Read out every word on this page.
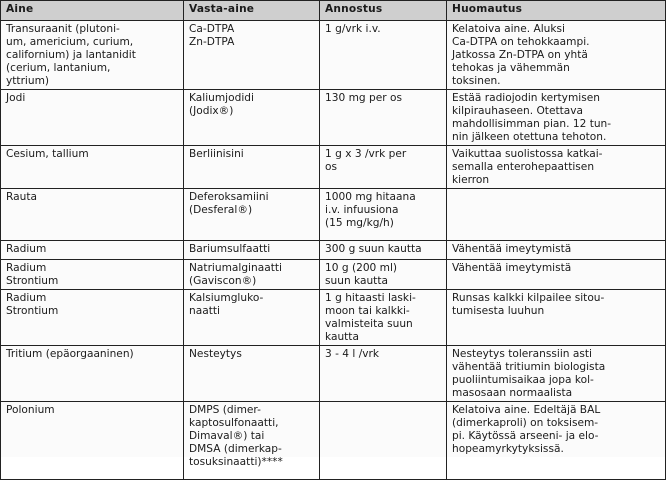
Aine	Vasta-aine	Annostus	Huomautus
Transuraanit (plutoni-
um, americium, curium,
californium) ja lantanidit
(cerium, lantanium,
yttrium)	Ca-DTPA
Zn-DTPA	1 g/vrk i.v.	Kelatoiva aine. Aluksi
Ca-DTPA on tehokkaampi.
Jatkossa Zn-DTPA on yhtä
tehokas ja vähemmän
toksinen.
Jodi	Kaliumjodidi
(Jodix®)	130 mg per os	Estää radiojodin kertymisen
kilpirauhaseen. Otettava
mahdollisimman pian. 12 tun-
nin jälkeen otettuna tehoton.
Cesium, tallium	Berliinisini	1 g x 3 /vrk per
os	Vaikuttaa suolistossa katkai-
semalla enterohepaattisen
kierron
Rauta	Deferoksamiini
(Desferal®)	1000 mg hitaana
i.v. infuusiona
(15 mg/kg/h)	
Radium	Bariumsulfaatti	300 g suun kautta	Vähentää imeytymistä
Radium
Strontium	Natriumalginaatti
(Gaviscon®)	10 g (200 ml)
suun kautta	Vähentää imeytymistä
Radium
Strontium	Kalsiumgluko-
naatti	1 g hitaasti laski-
moon tai kalkki-
valmisteita suun
kautta	Runsas kalkki kilpailee sitou-
tumisesta luuhun
Tritium (epäorgaaninen)	Nesteytys	3 - 4 l /vrk	Nesteytys toleranssiin asti
vähentää tritiumin biologista
puoliintumisaikaa jopa kol-
masosaan normaalista
Polonium	DMPS (dimer-
kaptosulfonaatti,
Dimaval®) tai
DMSA (dimerkap-
tosuksinaatti)****		Kelatoiva aine. Edeltäjä BAL
(dimerkaproli) on toksisem-
pi. Käytössä arseeni- ja elo-
hopeamyrkytyksissä.
